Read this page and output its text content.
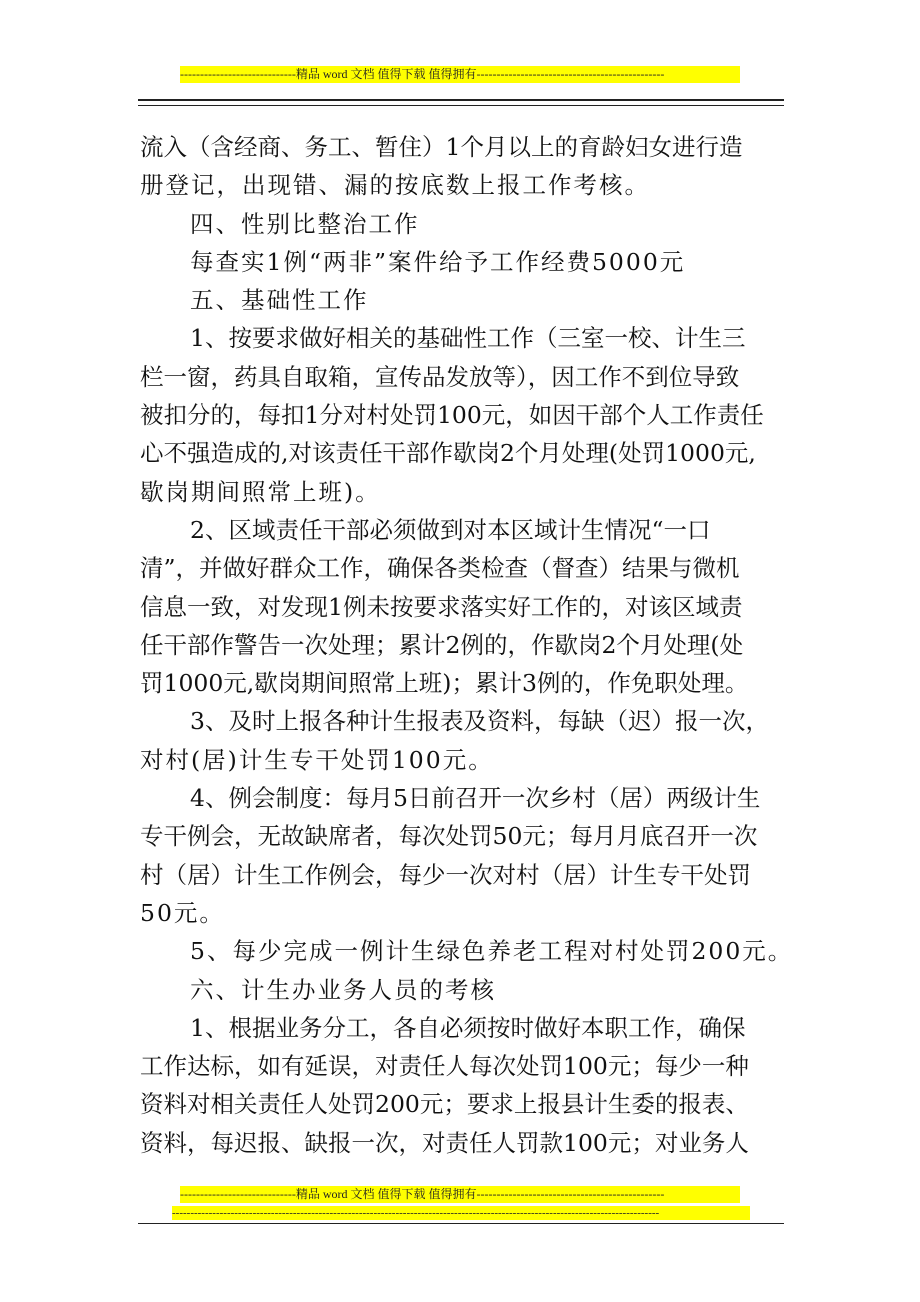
-----------------------------精品 word 文档 值得下载 值得拥有-----------------------------------------------
流入（含经商、务工、暂住）1个月以上的育龄妇女进行造
册登记，出现错、漏的按底数上报工作考核。
四、性别比整治工作
每查实1例“两非”案件给予工作经费5000元
五、基础性工作
1、按要求做好相关的基础性工作（三室一校、计生三
栏一窗，药具自取箱，宣传品发放等），因工作不到位导致
被扣分的，每扣1分对村处罚100元，如因干部个人工作责任
心不强造成的,对该责任干部作歇岗2个月处理(处罚1000元,
歇岗期间照常上班)。
2、区域责任干部必须做到对本区域计生情况“一口
清”，并做好群众工作，确保各类检查（督查）结果与微机
信息一致，对发现1例未按要求落实好工作的，对该区域责
任干部作警告一次处理；累计2例的，作歇岗2个月处理(处
罚1000元,歇岗期间照常上班)；累计3例的，作免职处理。
3、及时上报各种计生报表及资料，每缺（迟）报一次，
对村(居)计生专干处罚100元。
4、例会制度：每月5日前召开一次乡村（居）两级计生
专干例会，无故缺席者，每次处罚50元；每月月底召开一次
村（居）计生工作例会，每少一次对村（居）计生专干处罚
50元。
5、每少完成一例计生绿色养老工程对村处罚200元。
六、计生办业务人员的考核
1、根据业务分工，各自必须按时做好本职工作，确保
工作达标，如有延误，对责任人每次处罚100元；每少一种
资料对相关责任人处罚200元；要求上报县计生委的报表、
资料，每迟报、缺报一次，对责任人罚款100元；对业务人
-----------------------------精品 word 文档 值得下载 值得拥有-----------------------------------------------
-------------------------------------------------------------------------------------------------------------------------------------
